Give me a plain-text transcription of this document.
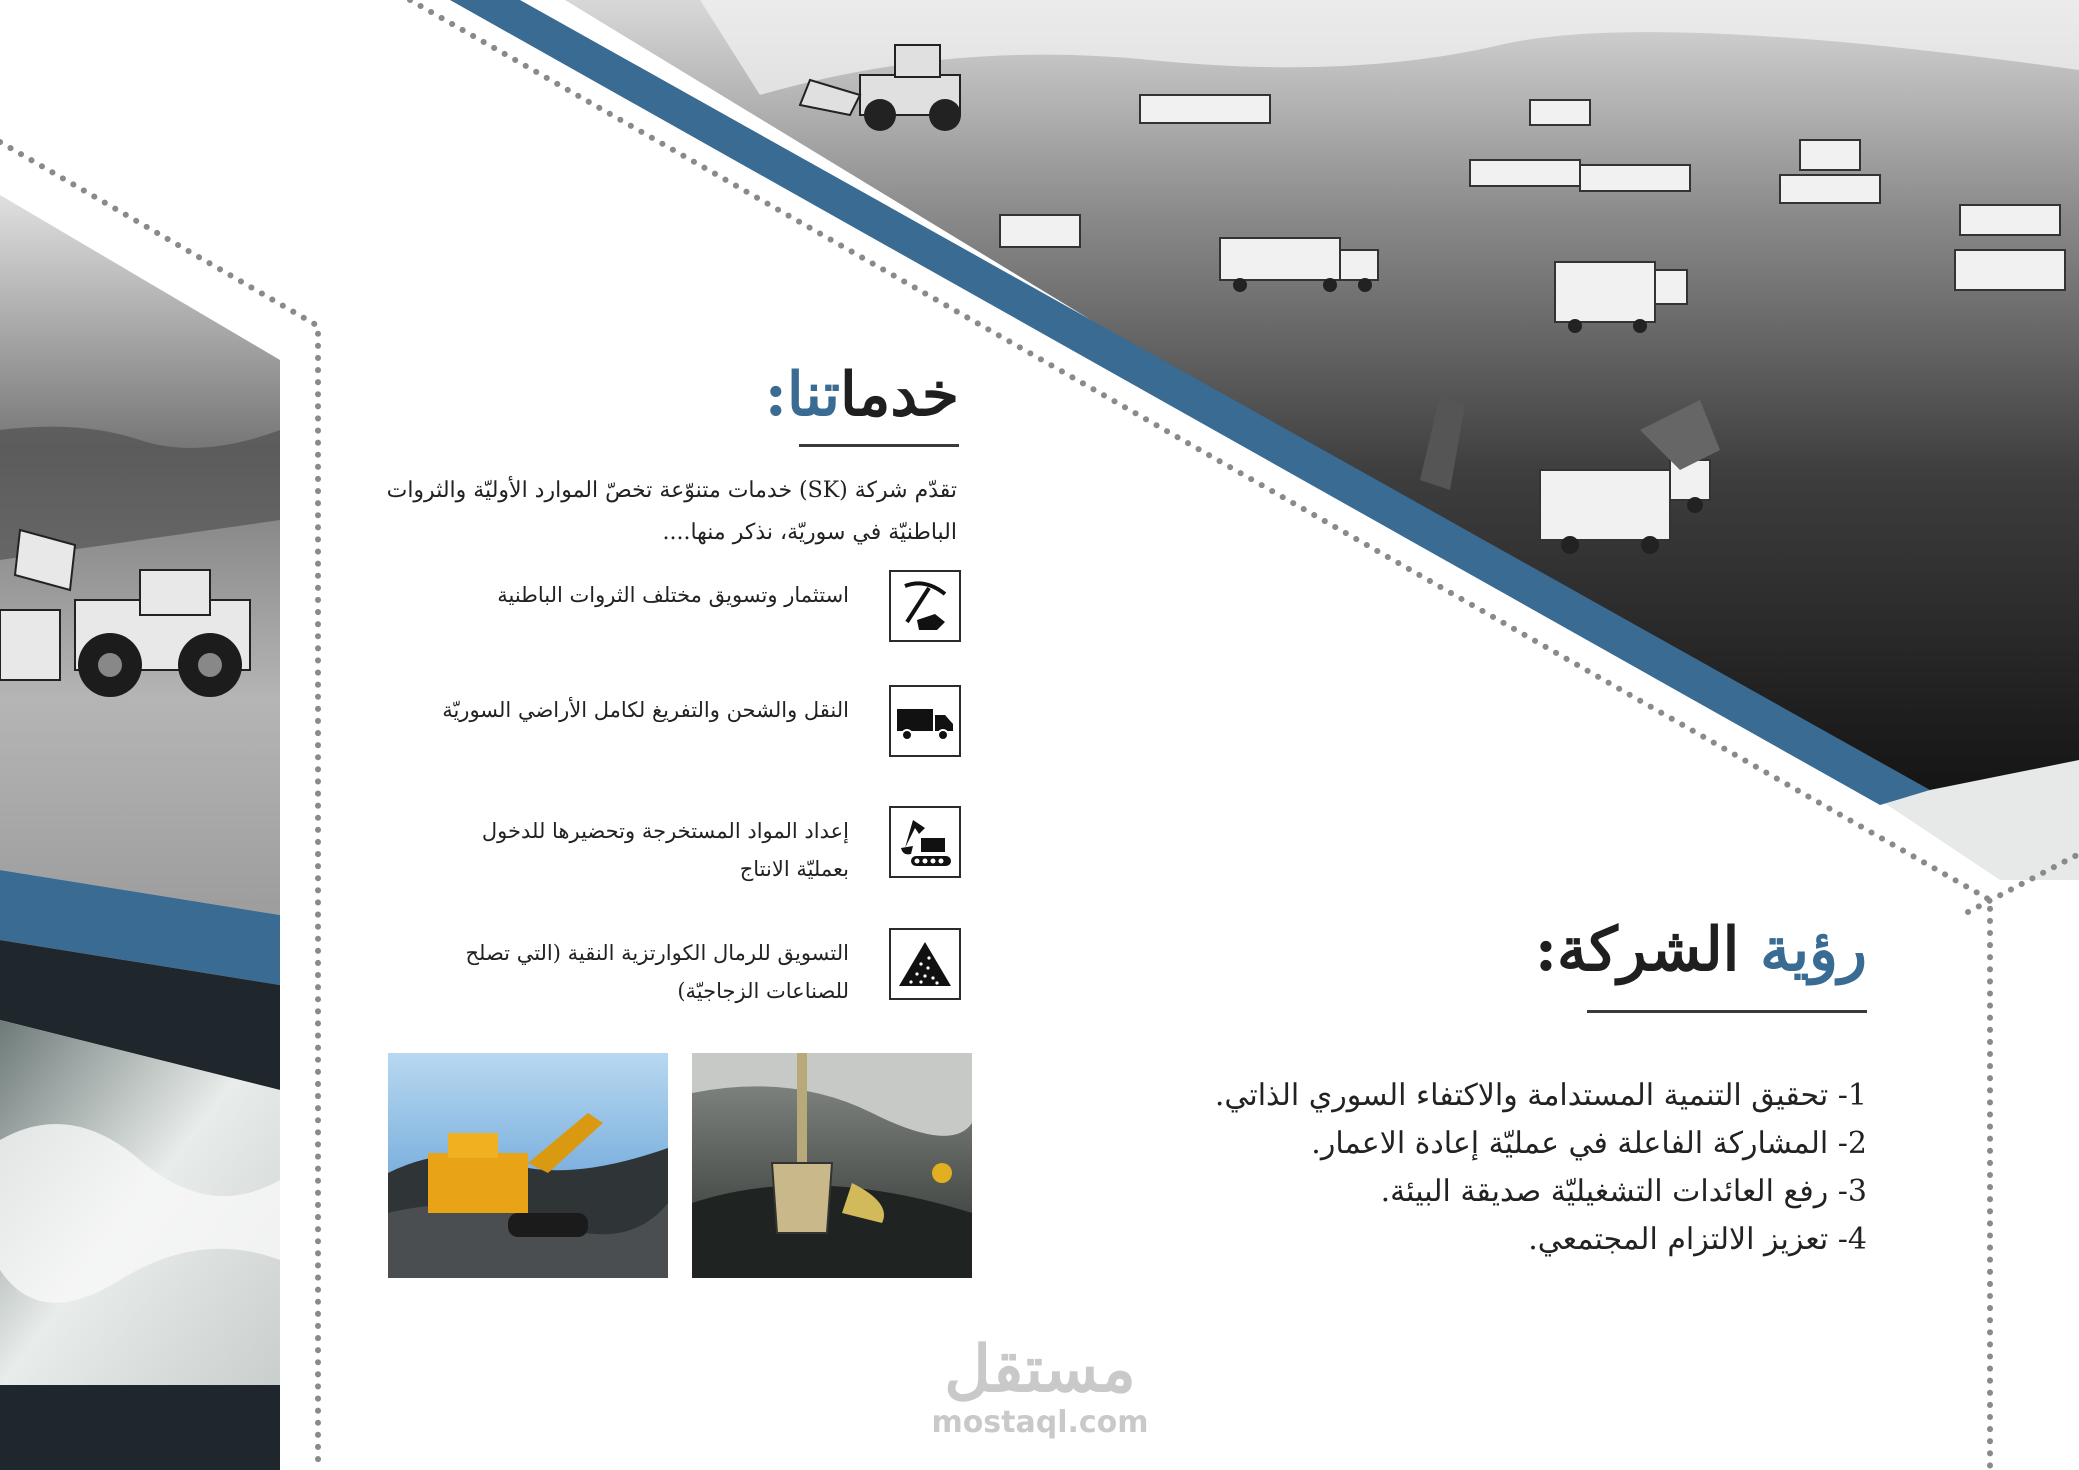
خدماتنا:
تقدّم شركة (SK) خدمات متنوّعة تخصّ الموارد الأوليّة والثروات الباطنيّة في سوريّة، نذكر منها....
استثمار وتسويق مختلف الثروات الباطنية
النقل والشحن والتفريغ لكامل الأراضي السوريّة
إعداد المواد المستخرجة وتحضيرها للدخول بعمليّة الانتاج
التسويق للرمال الكوارتزية النقية (التي تصلح للصناعات الزجاجيّة)
رؤية الشركة:
1- تحقيق التنمية المستدامة والاكتفاء السوري الذاتي.
2- المشاركة الفاعلة في عمليّة إعادة الاعمار.
3- رفع العائدات التشغيليّة صديقة البيئة.
4- تعزيز الالتزام المجتمعي.
مستقل
mostaql.com
